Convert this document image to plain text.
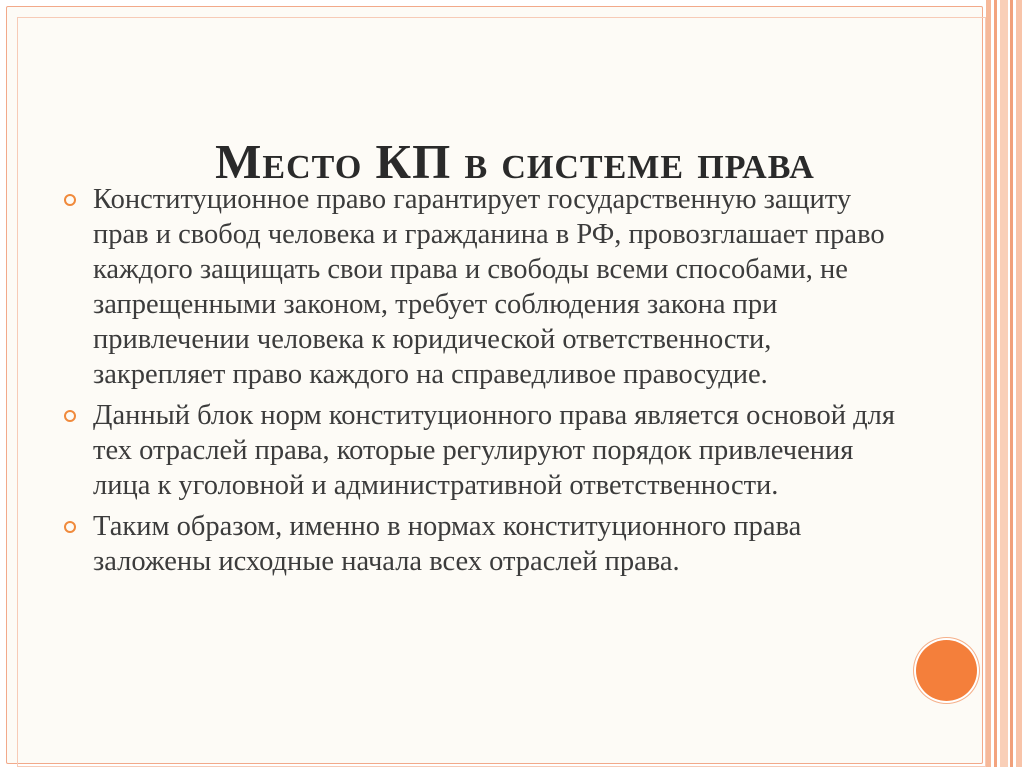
Место КП в системе права
Конституционное право гарантирует государственную защиту прав и свобод человека и гражданина в РФ, провозглашает право каждого защищать свои права и свободы всеми способами, не запрещенными законом, требует соблюдения закона при привлечении человека к юридической ответственности, закрепляет право каждого на справедливое правосудие.
Данный блок норм конституционного права является основой для тех отраслей права, которые регулируют порядок привлечения лица к уголовной и административной ответственности.
Таким образом, именно в нормах конституционного права заложены исходные начала всех отраслей права.
